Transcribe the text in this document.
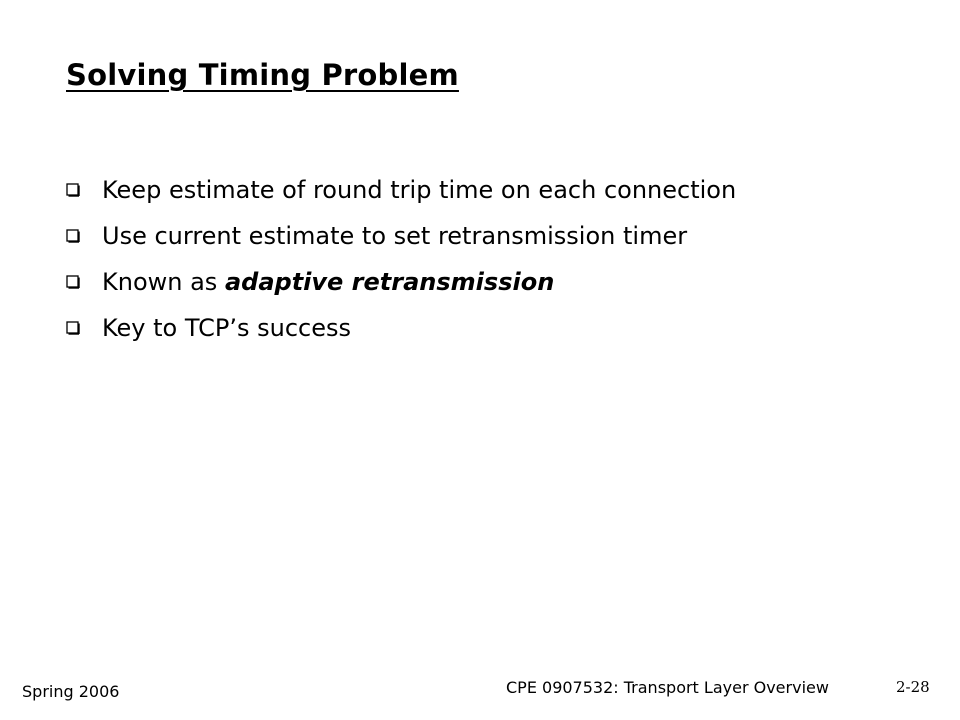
Solving Timing Problem
Keep estimate of round trip time on each connection
Use current estimate to set retransmission timer
Known as adaptive retransmission
Key to TCP’s success
Spring 2006	CPE 0907532: Transport Layer Overview	2-28
